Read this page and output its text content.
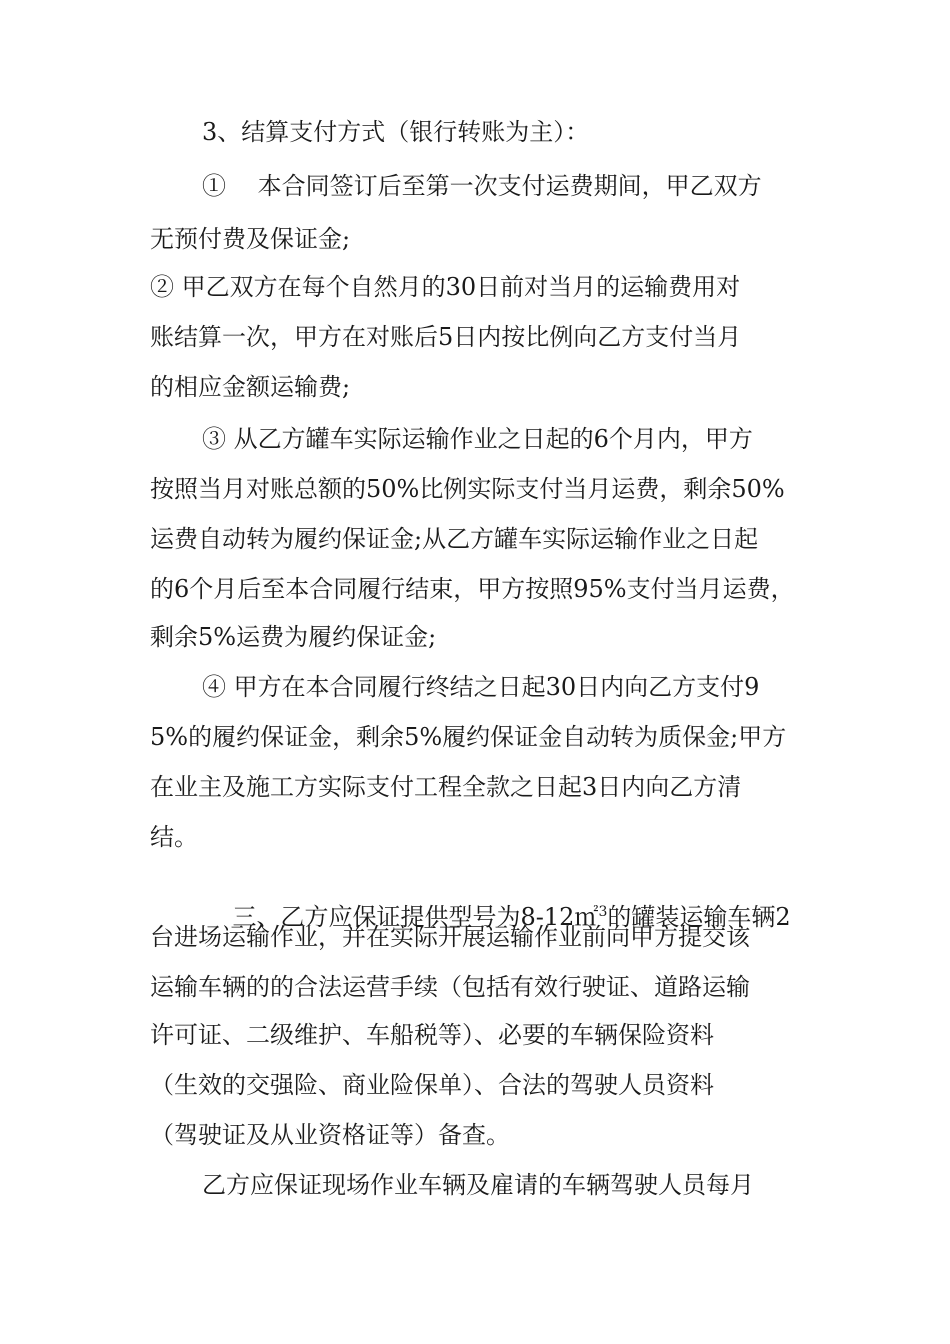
3、结算支付方式（银行转账为主）：
①　 本合同签订后至第一次支付运费期间，甲乙双方
无预付费及保证金;
② 甲乙双方在每个自然月的30日前对当月的运输费用对
账结算一次，甲方在对账后5日内按比例向乙方支付当月
的相应金额运输费;
③ 从乙方罐车实际运输作业之日起的6个月内，甲方
按照当月对账总额的50%比例实际支付当月运费，剩余50%
运费自动转为履约保证金;从乙方罐车实际运输作业之日起
的6个月后至本合同履行结束，甲方按照95%支付当月运费，
剩余5%运费为履约保证金;
④ 甲方在本合同履行终结之日起30日内向乙方支付9
5%的履约保证金，剩余5%履约保证金自动转为质保金;甲方
在业主及施工方实际支付工程全款之日起3日内向乙方清
结。

三、乙方应保证提供型号为8-12㎡$^3$的罐装运输车辆2

台进场运输作业，并在实际开展运输作业前向甲方提交该
运输车辆的的合法运营手续（包括有效行驶证、道路运输
许可证、二级维护、车船税等）、必要的车辆保险资料
（生效的交强险、商业险保单）、合法的驾驶人员资料
（驾驶证及从业资格证等）备查。
乙方应保证现场作业车辆及雇请的车辆驾驶人员每月
